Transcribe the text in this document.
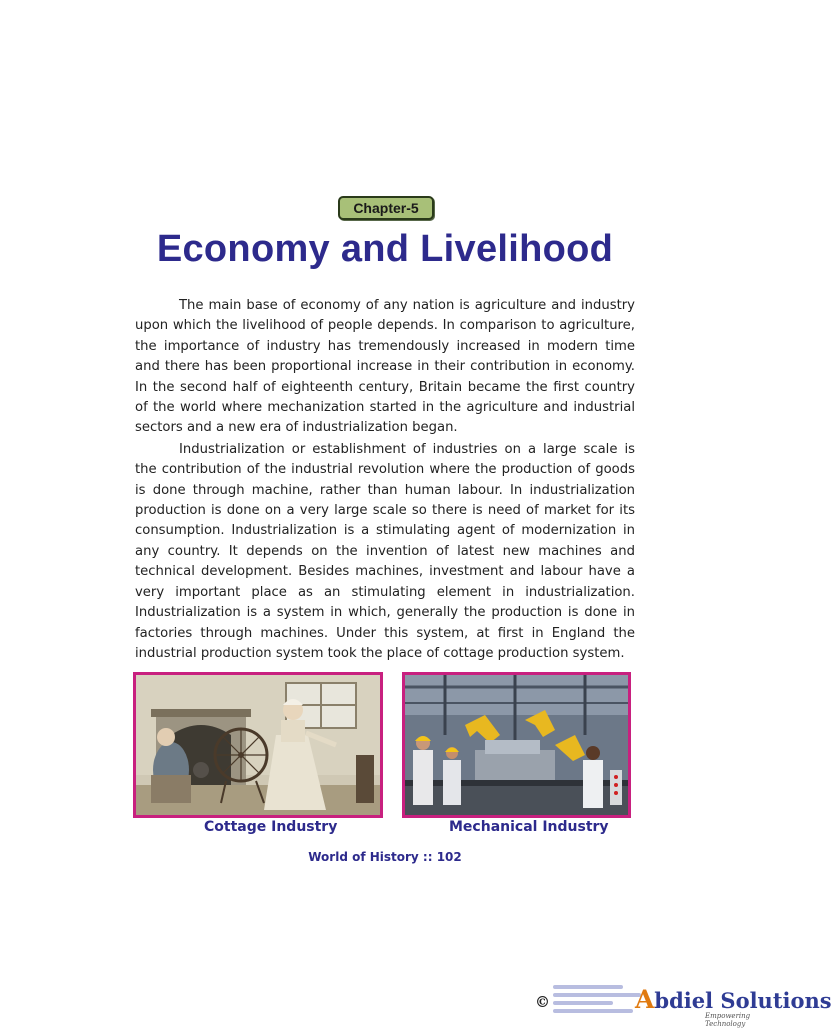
Chapter-5
Economy and Livelihood

The main base of economy of any nation is agriculture and industry upon which the livelihood of people depends. In comparison to agriculture, the importance of industry has tremendously increased in modern time and there has been proportional increase in their contribution in economy. In the second half of eighteenth century, Britain became the first country of the world where mechanization started in the agriculture and industrial sectors and a new era of industrialization began.

Industrialization or establishment of industries on a large scale is the contribution of the industrial revolution where the production of goods is done through machine, rather than human labour. In industrialization production is done on a very large scale so there is need of market for its consumption. Industrialization is a stimulating agent of modernization in any country. It depends on the invention of latest new machines and technical development. Besides machines, investment and labour have a very important place as an stimulating element in industrialization. Industrialization is a system in which, generally the production is done in factories through machines. Under this system, at first in England the industrial production system took the place of cottage production system.

Cottage Industry	Mechanical Industry
World of History :: 102
©	Abdiel Solutions
Empowering Technology
